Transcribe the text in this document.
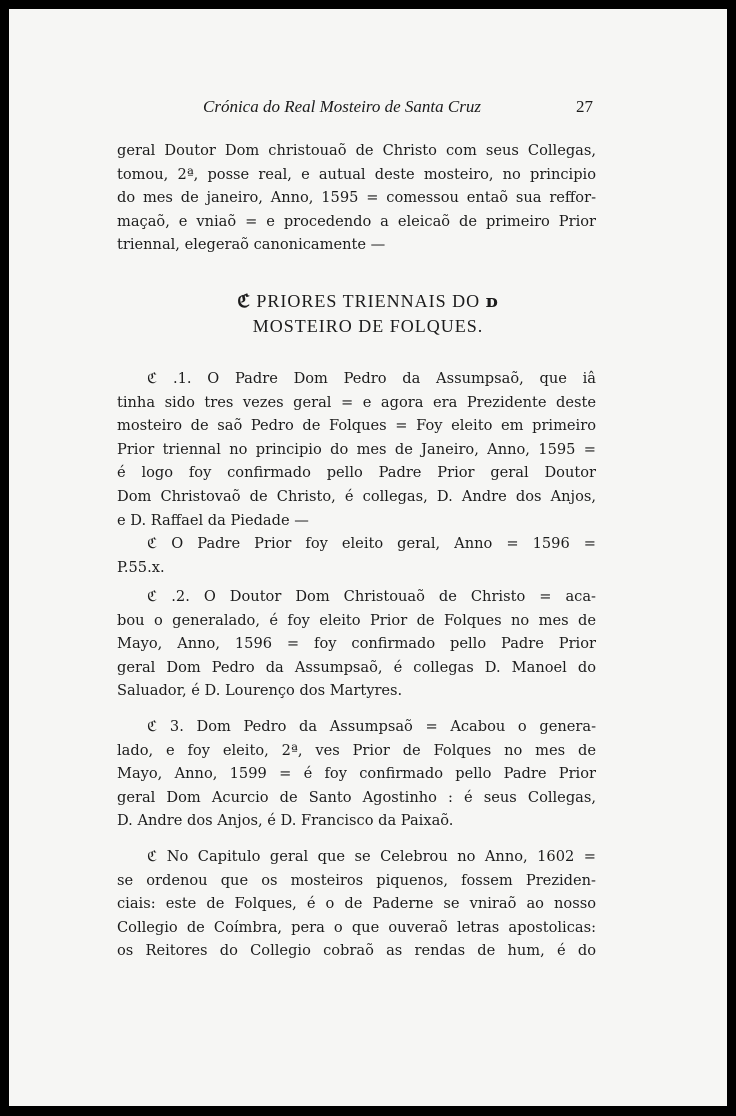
Crónica do Real Mosteiro de Santa Cruz	27
geral Doutor Dom christouaõ de Christo com seus Collegas,
tomou, 2ª, posse real, e autual deste mosteiro, no principio
do mes de janeiro, Anno, 1595 = comessou entaõ sua reffor-
maçaõ, e vniaõ = e procedendo a eleicaõ de primeiro Prior
triennal, elegeraõ canonicamente —
ℭ PRIORES TRIENNAIS DO ᴅ
MOSTEIRO DE FOLQUES.
ℭ .1. O Padre Dom Pedro da Assumpsaõ, que iâ
tinha sido tres vezes geral = e agora era Prezidente deste
mosteiro de saõ Pedro de Folques = Foy eleito em primeiro
Prior triennal no principio do mes de Janeiro, Anno, 1595 =
é logo foy confirmado pello Padre Prior geral Doutor
Dom Christovaõ de Christo, é collegas, D. Andre dos Anjos,
e D. Raffael da Piedade —
ℭ O Padre Prior foy eleito geral, Anno = 1596 =
P.55.x.
ℭ .2. O Doutor Dom Christouaõ de Christo = aca-
bou o generalado, é foy eleito Prior de Folques no mes de
Mayo, Anno, 1596 = foy confirmado pello Padre Prior
geral Dom Pedro da Assumpsaõ, é collegas D. Manoel do
Saluador, é D. Lourenço dos Martyres.
ℭ 3. Dom Pedro da Assumpsaõ = Acabou o genera-
lado, e foy eleito, 2ª, ves Prior de Folques no mes de
Mayo, Anno, 1599 = é foy confirmado pello Padre Prior
geral Dom Acurcio de Santo Agostinho : é seus Collegas,
D. Andre dos Anjos, é D. Francisco da Paixaõ.
ℭ No Capitulo geral que se Celebrou no Anno, 1602 =
se ordenou que os mosteiros piquenos, fossem Preziden-
ciais: este de Folques, é o de Paderne se vniraõ ao nosso
Collegio de Coímbra, pera o que ouveraõ letras apostolicas:
os Reitores do Collegio cobraõ as rendas de hum, é do
